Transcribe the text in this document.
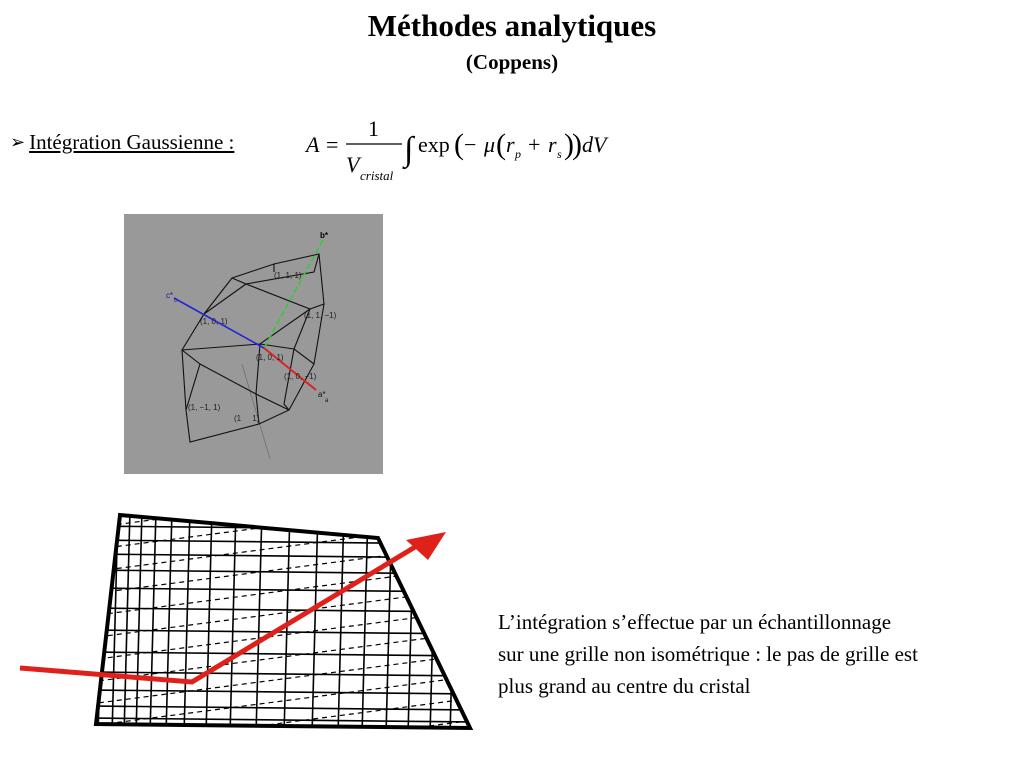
Méthodes analytiques
(Coppens)
➢ Intégration Gaussienne :	A =
1
V cristal
∫ exp ( − μ ( r p + r s )
) dV
b*
c*
c
a*
a
(1, 1, 1)
(1, 1, −1)
(1, 0, 1)
(1, 0, 1)
(1, 0, −1)
(1, −1, 1)
(1     1)
L’intégration s’effectue par un échantillonnage
sur une grille non isométrique : le pas de grille est
plus grand au centre du cristal
